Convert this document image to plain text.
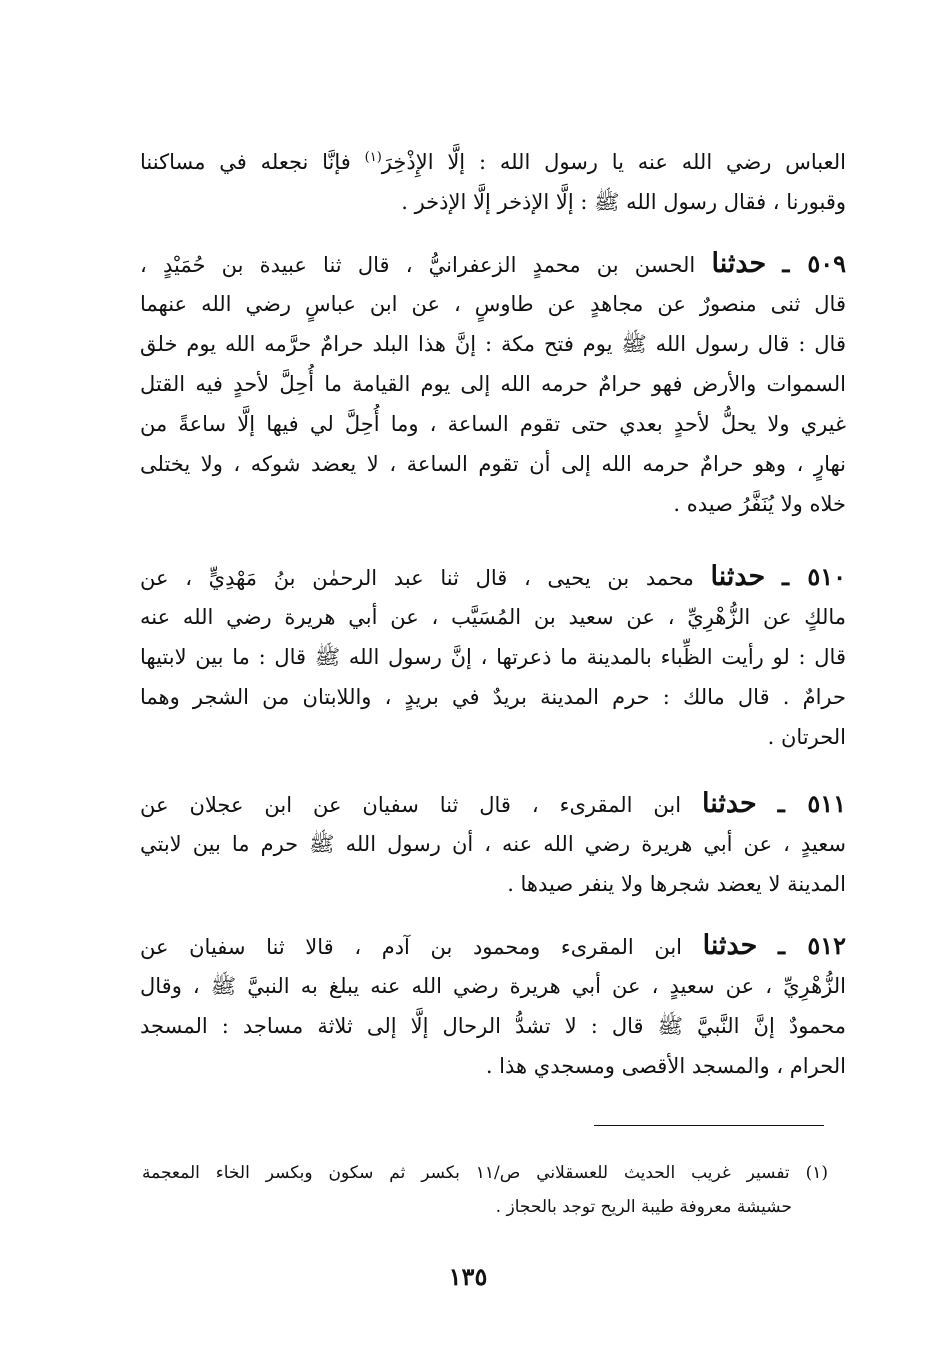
العباس رضي الله عنه يا رسول الله : إلَّا الإِذْخِرَ$^{(١)}$ فإنَّا نجعله في مساكننا
وقبورنا ، فقال رسول الله ﷺ : إلَّا الإذخر إلَّا الإذخر .
٥٠٩ ـ حدثنا الحسن بن محمدٍ الزعفرانيُّ ، قال ثنا عبيدة بن حُمَيْدٍ ،
قال ثنى منصورٌ عن مجاهدٍ عن طاوسٍ ، عن ابن عباسٍ رضي الله عنهما
قال : قال رسول الله ﷺ يوم فتح مكة : إنَّ هذا البلد حرامٌ حرَّمه الله يوم خلق
السموات والأرض فهو حرامٌ حرمه الله إلى يوم القيامة ما أُحِلَّ لأحدٍ فيه القتل
غيري ولا يحلُّ لأحدٍ بعدي حتى تقوم الساعة ، وما أُحِلَّ لي فيها إلَّا ساعةً من
نهارٍ ، وهو حرامٌ حرمه الله إلى أن تقوم الساعة ، لا يعضد شوكه ، ولا يختلى
خلاه ولا يُنَفَّرُ صيده .
٥١٠ ـ حدثنا محمد بن يحيى ، قال ثنا عبد الرحمٰن بنُ مَهْدِيٍّ ، عن
مالكٍ عن الزُّهْرِيِّ ، عن سعيد بن المُسَيَّب ، عن أبي هريرة رضي الله عنه
قال : لو رأيت الظِّباء بالمدينة ما ذعرتها ، إنَّ رسول الله ﷺ قال : ما بين لابتيها
حرامٌ . قال مالك : حرم المدينة بريدٌ في بريدٍ ، واللابتان من الشجر وهما
الحرتان .
٥١١ ـ حدثنا ابن المقرىء ، قال ثنا سفيان عن ابن عجلان عن
سعيدٍ ، عن أبي هريرة رضي الله عنه ، أن رسول الله ﷺ حرم ما بين لابتي
المدينة لا يعضد شجرها ولا ينفر صيدها .
٥١٢ ـ حدثنا ابن المقرىء ومحمود بن آدم ، قالا ثنا سفيان عن
الزُّهْرِيِّ ، عن سعيدٍ ، عن أبي هريرة رضي الله عنه يبلغ به النبيَّ ﷺ ، وقال
محمودٌ إنَّ النَّبيَّ ﷺ قال : لا تشدُّ الرحال إلَّا إلى ثلاثة مساجد : المسجد
الحرام ، والمسجد الأقصى ومسجدي هذا .
(١) تفسير غريب الحديث للعسقلاني ص/١١ بكسر ثم سكون وبكسر الخاء المعجمة
حشيشة معروفة طيبة الريح توجد بالحجاز .
١٣٥
